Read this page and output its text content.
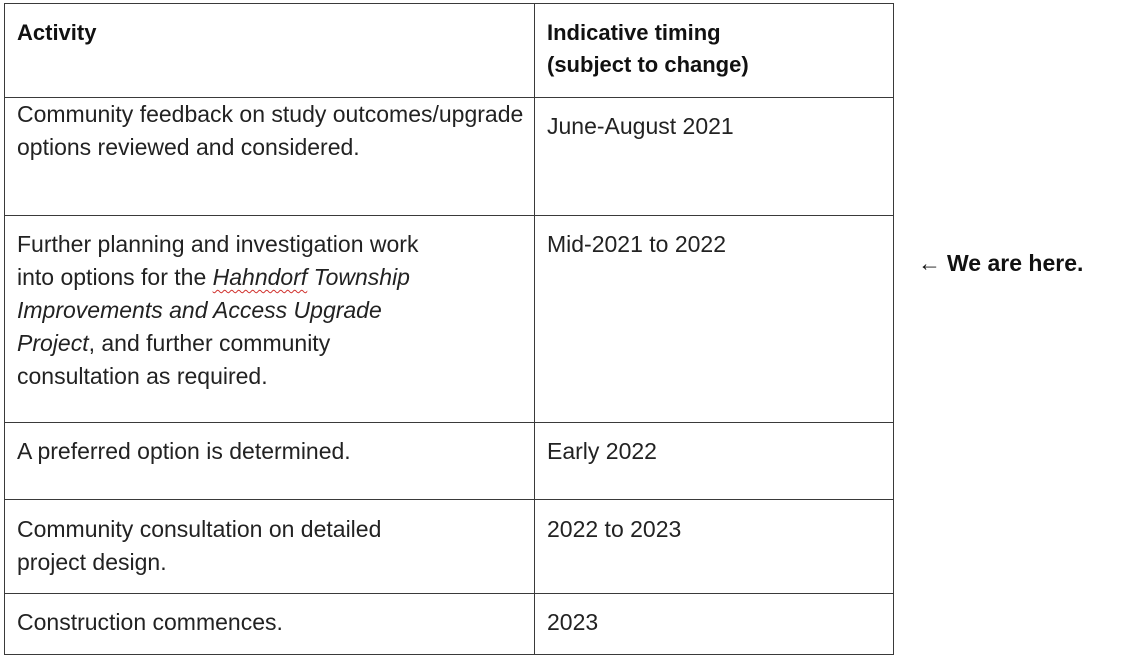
Activity	Indicative timing
(subject to change)
Community feedback on study outcomes/upgrade options reviewed and considered.	June-August 2021
Further planning and investigation work into options for the Hahndorf Township Improvements and Access Upgrade Project, and further community consultation as required.	Mid-2021 to 2022
A preferred option is determined.	Early 2022
Community consultation on detailed project design.	2022 to 2023
Construction commences.	2023
← We are here.
